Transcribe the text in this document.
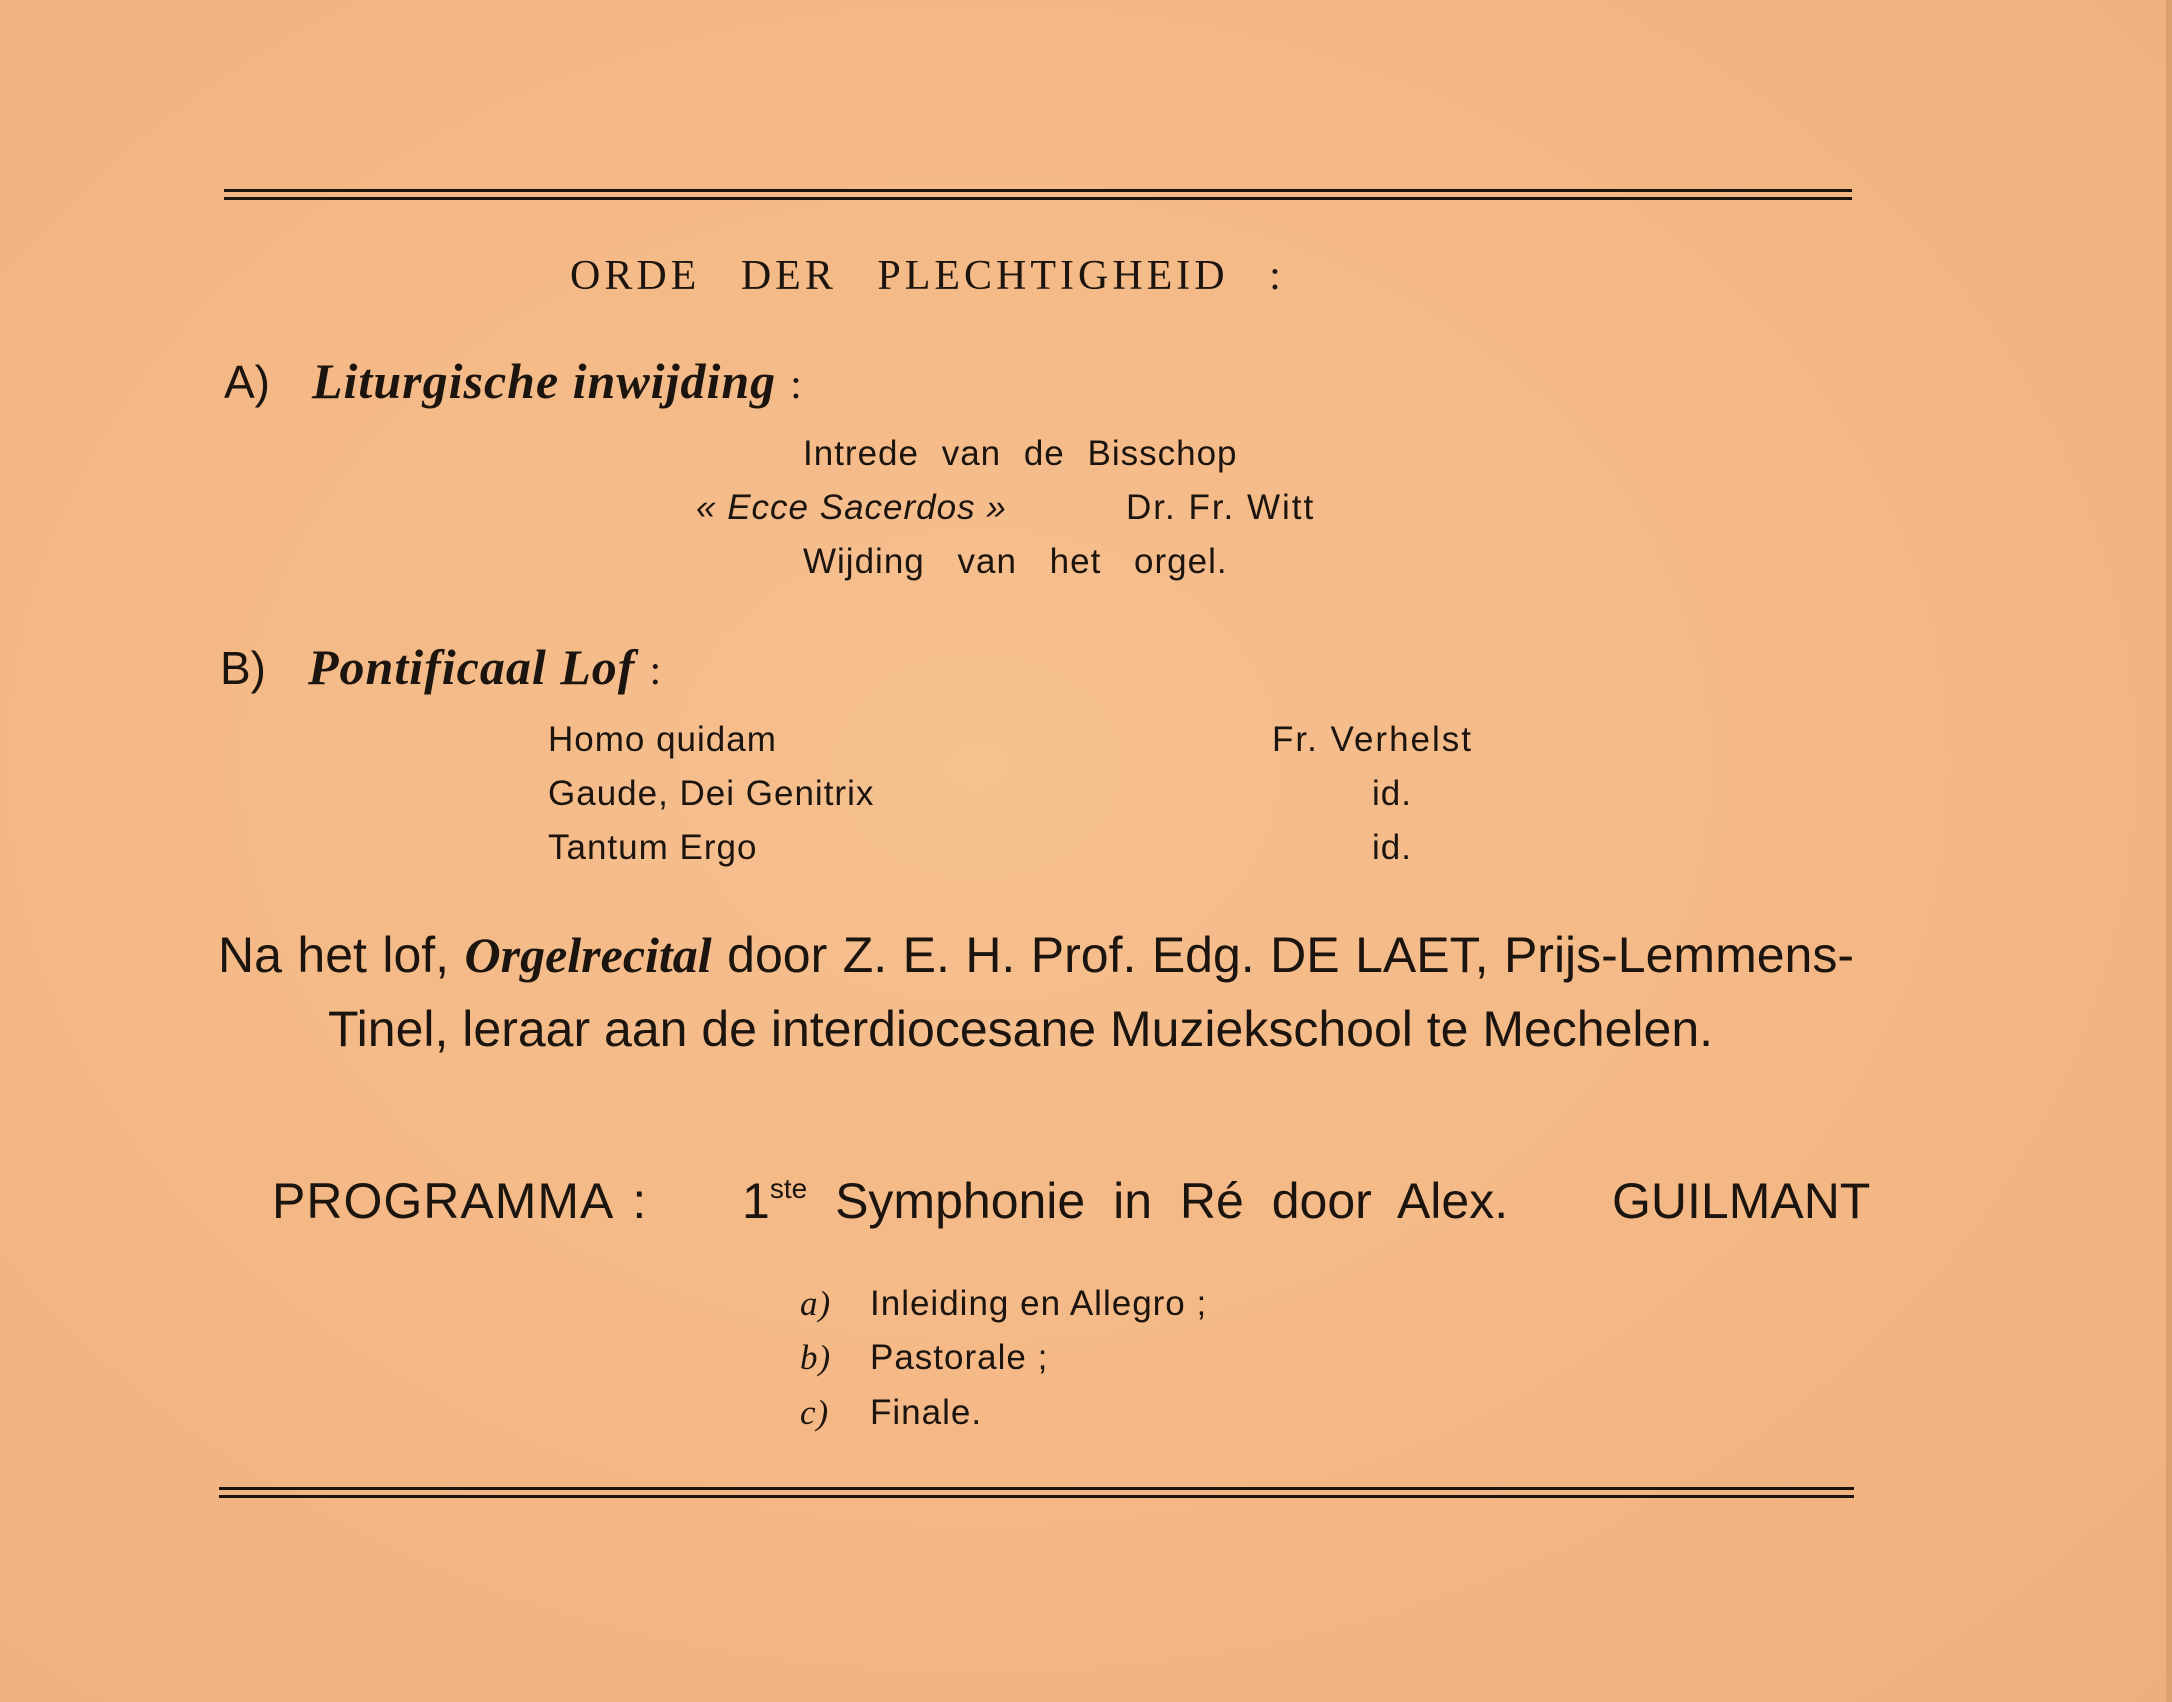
ORDE DER PLECHTIGHEID :
A) Liturgische inwijding :
Intrede van de Bisschop
« Ecce Sacerdos »	Dr. Fr. Witt
Wijding van het orgel.
B) Pontificaal Lof :
Homo quidam	Fr. Verhelst
Gaude, Dei Genitrix	id.
Tantum Ergo	id.
Na het lof, Orgelrecital door Z. E. H. Prof. Edg. DE LAET, Prijs-Lemmens-Tinel, leraar aan de interdiocesane Muziekschool te Mechelen.
PROGRAMMA : 1ste Symphonie in Ré door Alex. GUILMANT
a) Inleiding en Allegro ;
b) Pastorale ;
c) Finale.
